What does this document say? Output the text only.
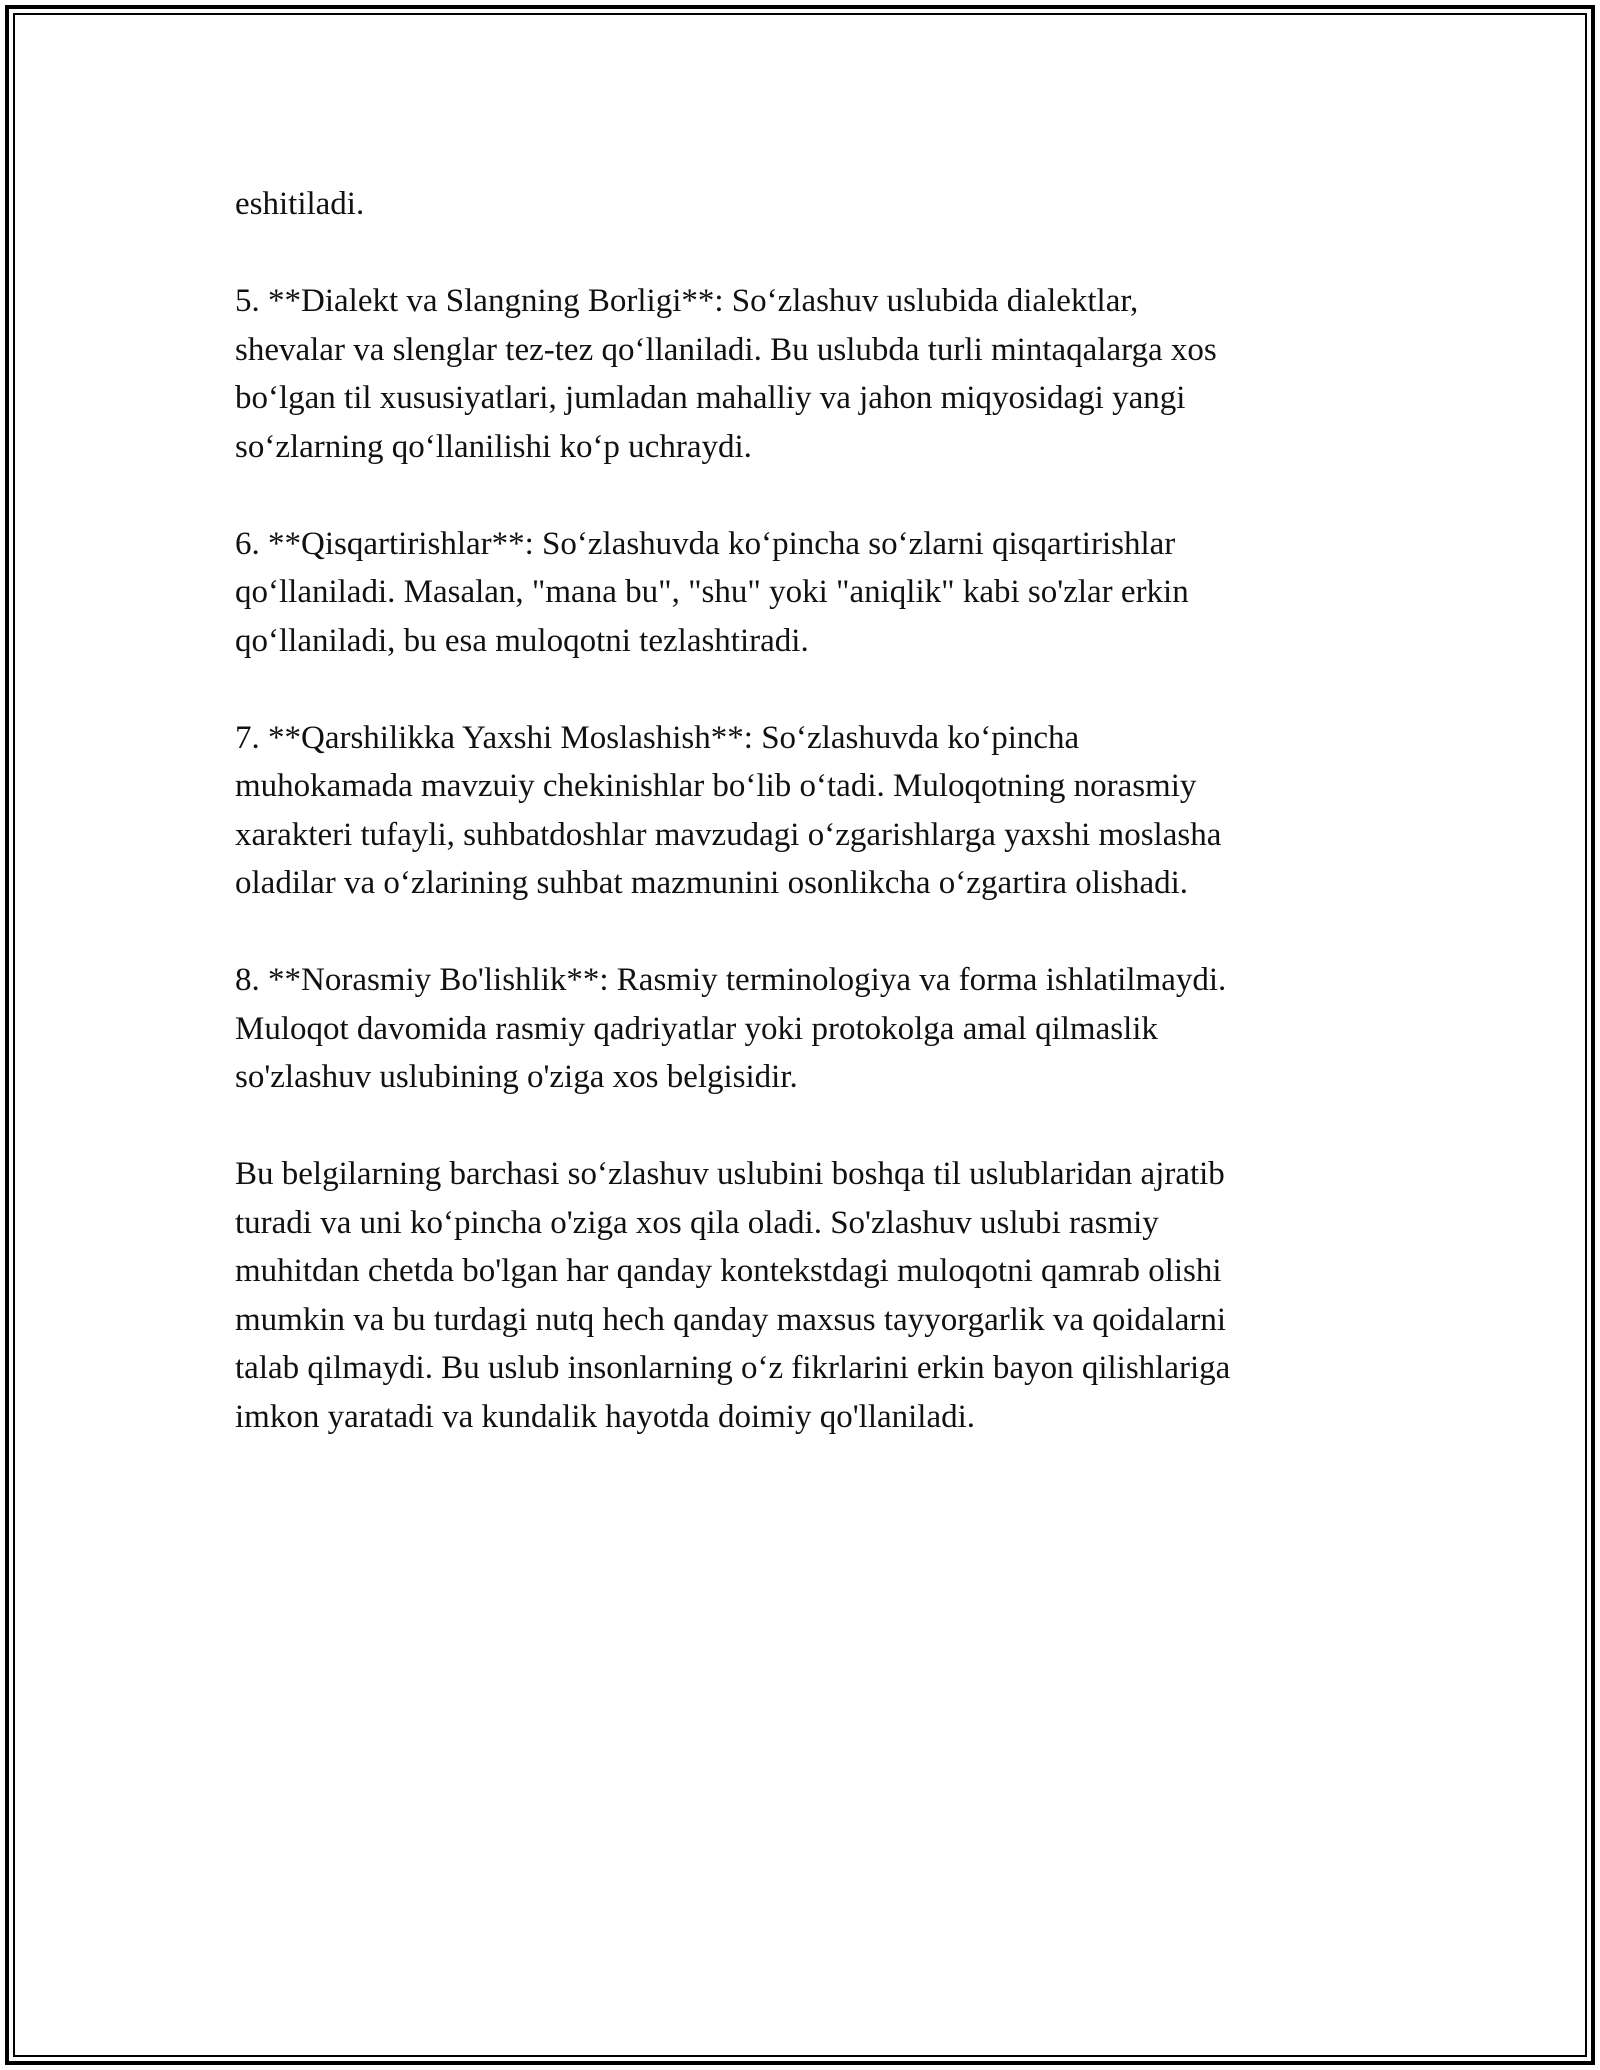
eshitiladi.

5. **Dialekt va Slangning Borligi**: So‘zlashuv uslubida dialektlar,
shevalar va slenglar tez-tez qo‘llaniladi. Bu uslubda turli mintaqalarga xos
bo‘lgan til xususiyatlari, jumladan mahalliy va jahon miqyosidagi yangi
so‘zlarning qo‘llanilishi ko‘p uchraydi.

6. **Qisqartirishlar**: So‘zlashuvda ko‘pincha so‘zlarni qisqartirishlar
qo‘llaniladi. Masalan, "mana bu", "shu" yoki "aniqlik" kabi so'zlar erkin
qo‘llaniladi, bu esa muloqotni tezlashtiradi.

7. **Qarshilikka Yaxshi Moslashish**: So‘zlashuvda ko‘pincha
muhokamada mavzuiy chekinishlar bo‘lib o‘tadi. Muloqotning norasmiy
xarakteri tufayli, suhbatdoshlar mavzudagi o‘zgarishlarga yaxshi moslasha
oladilar va o‘zlarining suhbat mazmunini osonlikcha o‘zgartira olishadi.

8. **Norasmiy Bo'lishlik**: Rasmiy terminologiya va forma ishlatilmaydi.
Muloqot davomida rasmiy qadriyatlar yoki protokolga amal qilmaslik
so'zlashuv uslubining o'ziga xos belgisidir.

Bu belgilarning barchasi so‘zlashuv uslubini boshqa til uslublaridan ajratib
turadi va uni ko‘pincha o'ziga xos qila oladi. So'zlashuv uslubi rasmiy
muhitdan chetda bo'lgan har qanday kontekstdagi muloqotni qamrab olishi
mumkin va bu turdagi nutq hech qanday maxsus tayyorgarlik va qoidalarni
talab qilmaydi. Bu uslub insonlarning o‘z fikrlarini erkin bayon qilishlariga
imkon yaratadi va kundalik hayotda doimiy qo'llaniladi.
